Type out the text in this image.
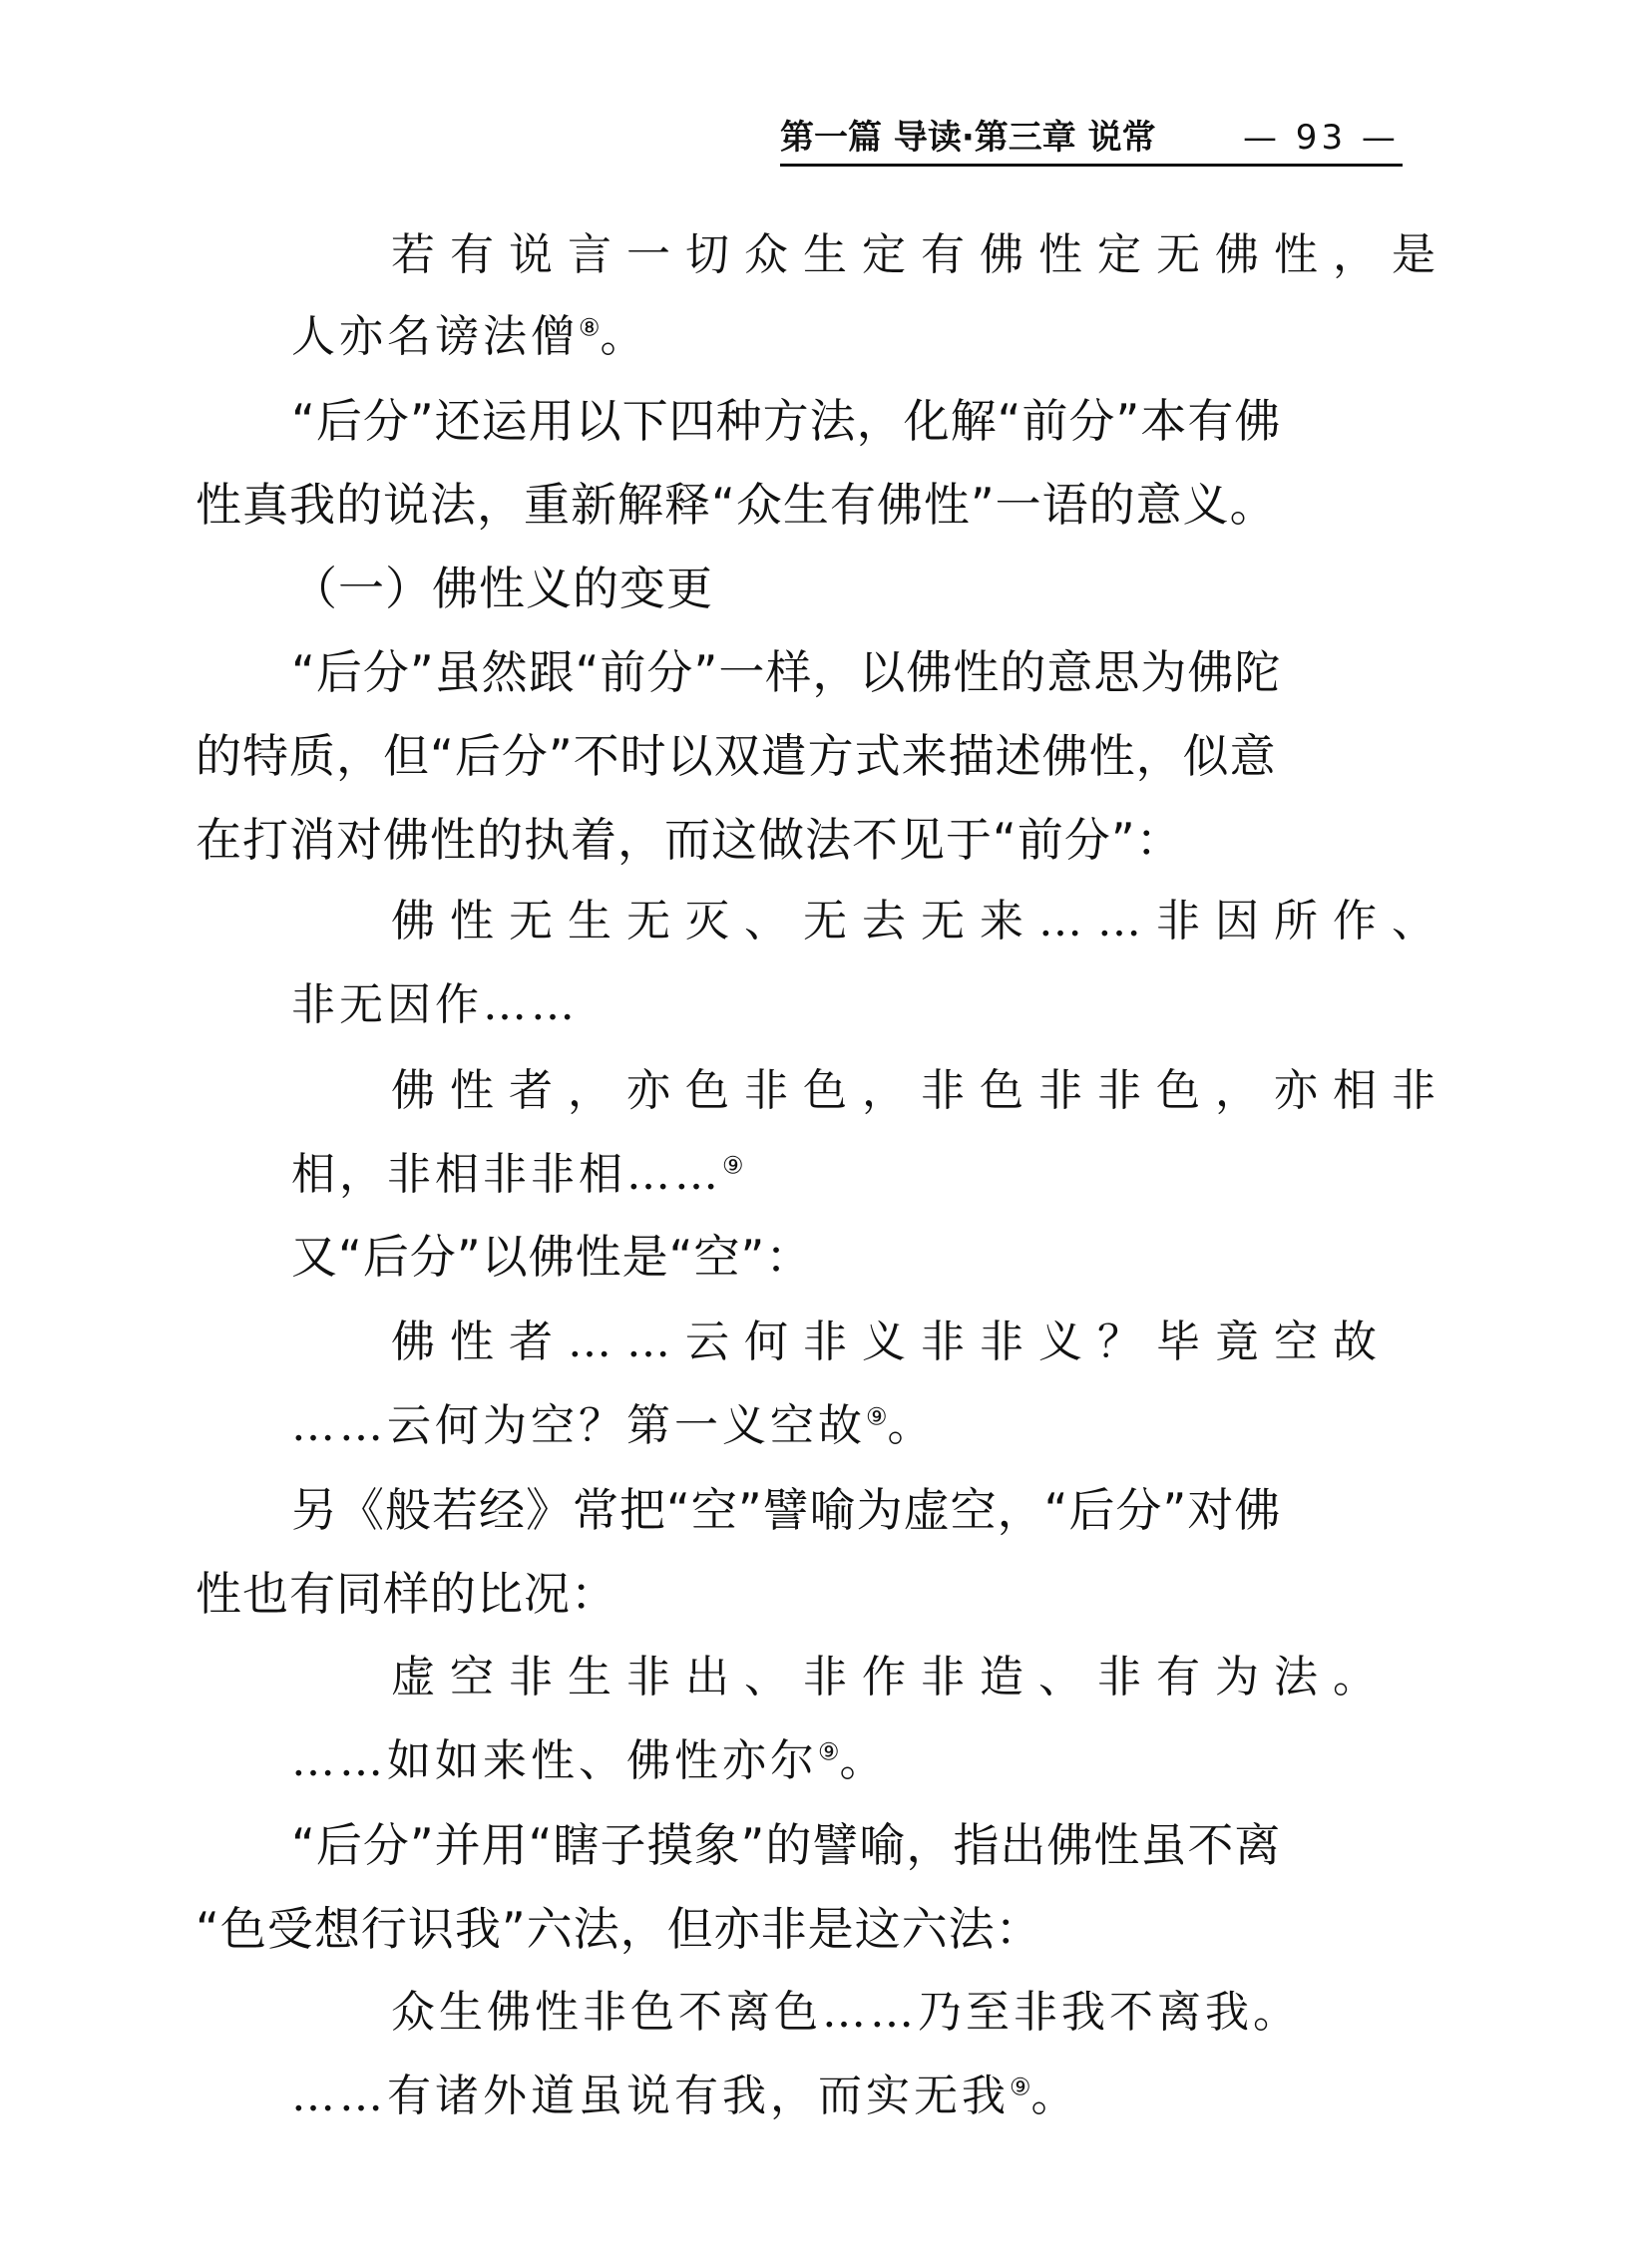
第一篇 导读·第三章 说常	— 93 —

若有说言一切众生定有佛性定无佛性，是

人亦名谤法僧⑧。

“后分”还运用以下四种方法，化解“前分”本有佛

性真我的说法，重新解释“众生有佛性”一语的意义。

（一）佛性义的变更

“后分”虽然跟“前分”一样，以佛性的意思为佛陀

的特质，但“后分”不时以双遣方式来描述佛性，似意

在打消对佛性的执着，而这做法不见于“前分”：

佛性无生无灭、无去无来……非因所作、

非无因作……

佛性者，亦色非色，非色非非色，亦相非

相，非相非非相……⑨

又“后分”以佛性是“空”：

佛性者……云何非义非非义？毕竟空故

……云何为空？第一义空故⑨。

另《般若经》常把“空”譬喻为虚空，“后分”对佛

性也有同样的比况：

虚空非生非出、非作非造、非有为法。

……如如来性、佛性亦尔⑨。

“后分”并用“瞎子摸象”的譬喻，指出佛性虽不离

“色受想行识我”六法，但亦非是这六法：

众生佛性非色不离色……乃至非我不离我。

……有诸外道虽说有我，而实无我⑨。
